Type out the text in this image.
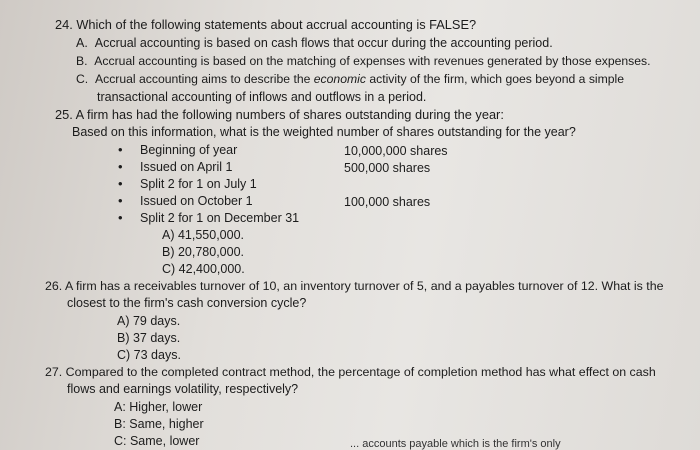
24. Which of the following statements about accrual accounting is FALSE?
A. Accrual accounting is based on cash flows that occur during the accounting period.
B. Accrual accounting is based on the matching of expenses with revenues generated by those expenses.
C. Accrual accounting aims to describe the economic activity of the firm, which goes beyond a simple
transactional accounting of inflows and outflows in a period.
25. A firm has had the following numbers of shares outstanding during the year:
Based on this information, what is the weighted number of shares outstanding for the year?
• Beginning of year	10,000,000 shares
• Issued on April 1	500,000 shares
• Split 2 for 1 on July 1
• Issued on October 1	100,000 shares
• Split 2 for 1 on December 31
A) 41,550,000.
B) 20,780,000.
C) 42,400,000.
26. A firm has a receivables turnover of 10, an inventory turnover of 5, and a payables turnover of 12. What is the
closest to the firm's cash conversion cycle?
A) 79 days.
B) 37 days.
C) 73 days.
27. Compared to the completed contract method, the percentage of completion method has what effect on cash
flows and earnings volatility, respectively?
A: Higher, lower
B: Same, higher
C: Same, lower	... accounts payable which is the firm's only
